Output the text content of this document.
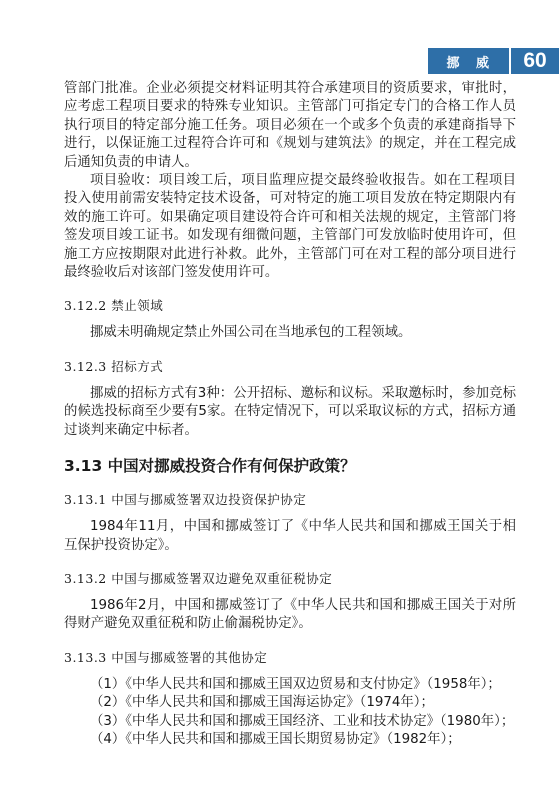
挪 威	60

管部门批准。企业必须提交材料证明其符合承建项目的资质要求，审批时，应考虑工程项目要求的特殊专业知识。主管部门可指定专门的合格工作人员执行项目的特定部分施工任务。项目必须在一个或多个负责的承建商指导下进行，以保证施工过程符合许可和《规划与建筑法》的规定，并在工程完成后通知负责的申请人。

项目验收：项目竣工后，项目监理应提交最终验收报告。如在工程项目投入使用前需安装特定技术设备，可对特定的施工项目发放在特定期限内有效的施工许可。如果确定项目建设符合许可和相关法规的规定，主管部门将签发项目竣工证书。如发现有细微问题，主管部门可发放临时使用许可，但施工方应按期限对此进行补救。此外，主管部门可在对工程的部分项目进行最终验收后对该部门签发使用许可。

3.12.2 禁止领域

挪威未明确规定禁止外国公司在当地承包的工程领域。

3.12.3 招标方式

挪威的招标方式有3种：公开招标、邀标和议标。采取邀标时，参加竞标的候选投标商至少要有5家。在特定情况下，可以采取议标的方式，招标方通过谈判来确定中标者。

3.13 中国对挪威投资合作有何保护政策？
3.13.1 中国与挪威签署双边投资保护协定

1984年11月，中国和挪威签订了《中华人民共和国和挪威王国关于相互保护投资协定》。

3.13.2 中国与挪威签署双边避免双重征税协定

1986年2月，中国和挪威签订了《中华人民共和国和挪威王国关于对所得财产避免双重征税和防止偷漏税协定》。

3.13.3 中国与挪威签署的其他协定

（1）《中华人民共和国和挪威王国双边贸易和支付协定》（1958年）；

（2）《中华人民共和国和挪威王国海运协定》（1974年）；

（3）《中华人民共和国和挪威王国经济、工业和技术协定》（1980年）；

（4）《中华人民共和国和挪威王国长期贸易协定》（1982年）；
